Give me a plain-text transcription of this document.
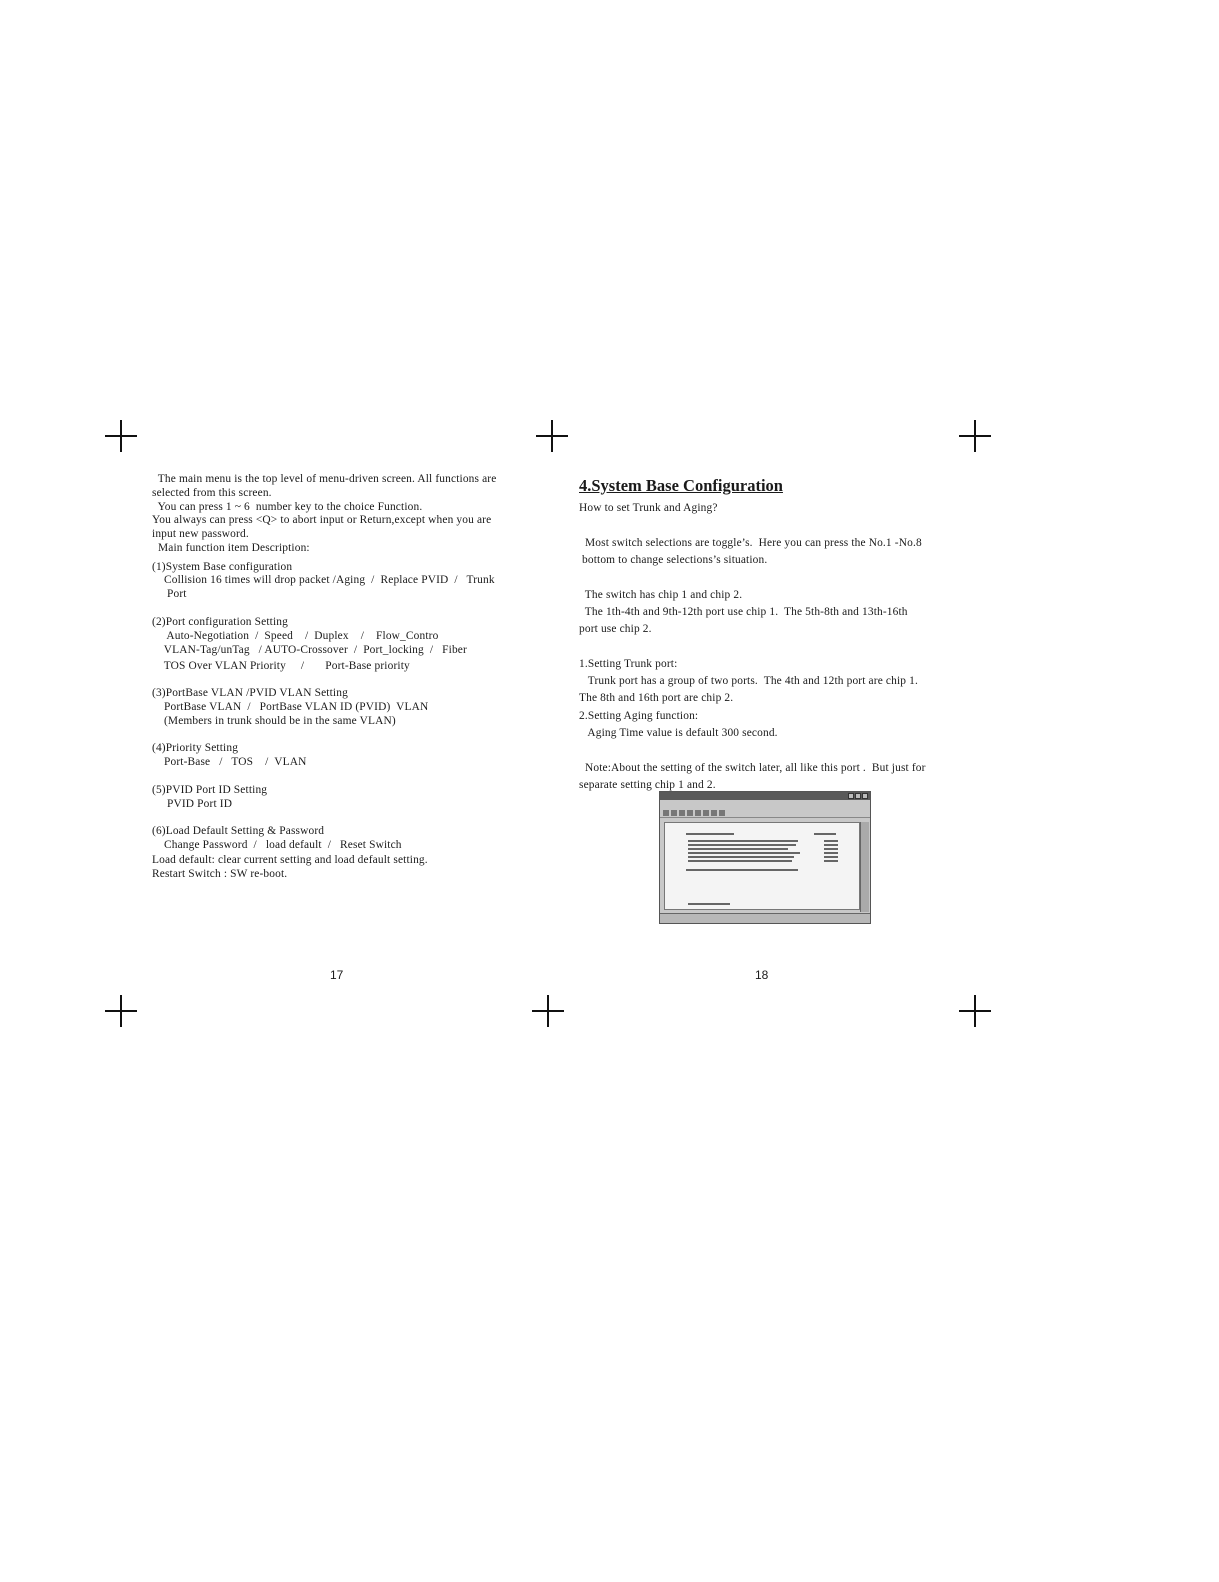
The main menu is the top level of menu-driven screen. All functions are
selected from this screen.
You can press 1 ~ 6  number key to the choice Function.
You always can press <Q> to abort input or Return,except when you are
input new password.
Main function item Description:
(1)System Base configuration
Collision 16 times will drop packet /Aging  /  Replace PVID  /   Trunk
Port
(2)Port configuration Setting
Auto-Negotiation  /  Speed    /  Duplex    /    Flow_Contro
VLAN-Tag/unTag   / AUTO-Crossover  /  Port_locking  /   Fiber
TOS Over VLAN Priority     /       Port-Base priority
(3)PortBase VLAN /PVID VLAN Setting
PortBase VLAN  /   PortBase VLAN ID (PVID)  VLAN
(Members in trunk should be in the same VLAN)
(4)Priority Setting
Port-Base   /   TOS    /  VLAN
(5)PVID Port ID Setting
PVID Port ID
(6)Load Default Setting & Password
Change Password  /   load default  /   Reset Switch
Load default: clear current setting and load default setting.
Restart Switch : SW re-boot.
17
4.System Base Configuration
How to set Trunk and Aging?
Most switch selections are toggle’s.  Here you can press the No.1 -No.8
bottom to change selections’s situation.
The switch has chip 1 and chip 2.
The 1th-4th and 9th-12th port use chip 1.  The 5th-8th and 13th-16th
port use chip 2.
1.Setting Trunk port:
Trunk port has a group of two ports.  The 4th and 12th port are chip 1.
The 8th and 16th port are chip 2.
2.Setting Aging function:
Aging Time value is default 300 second.
Note:About the setting of the switch later, all like this port .  But just for
separate setting chip 1 and 2.

18
